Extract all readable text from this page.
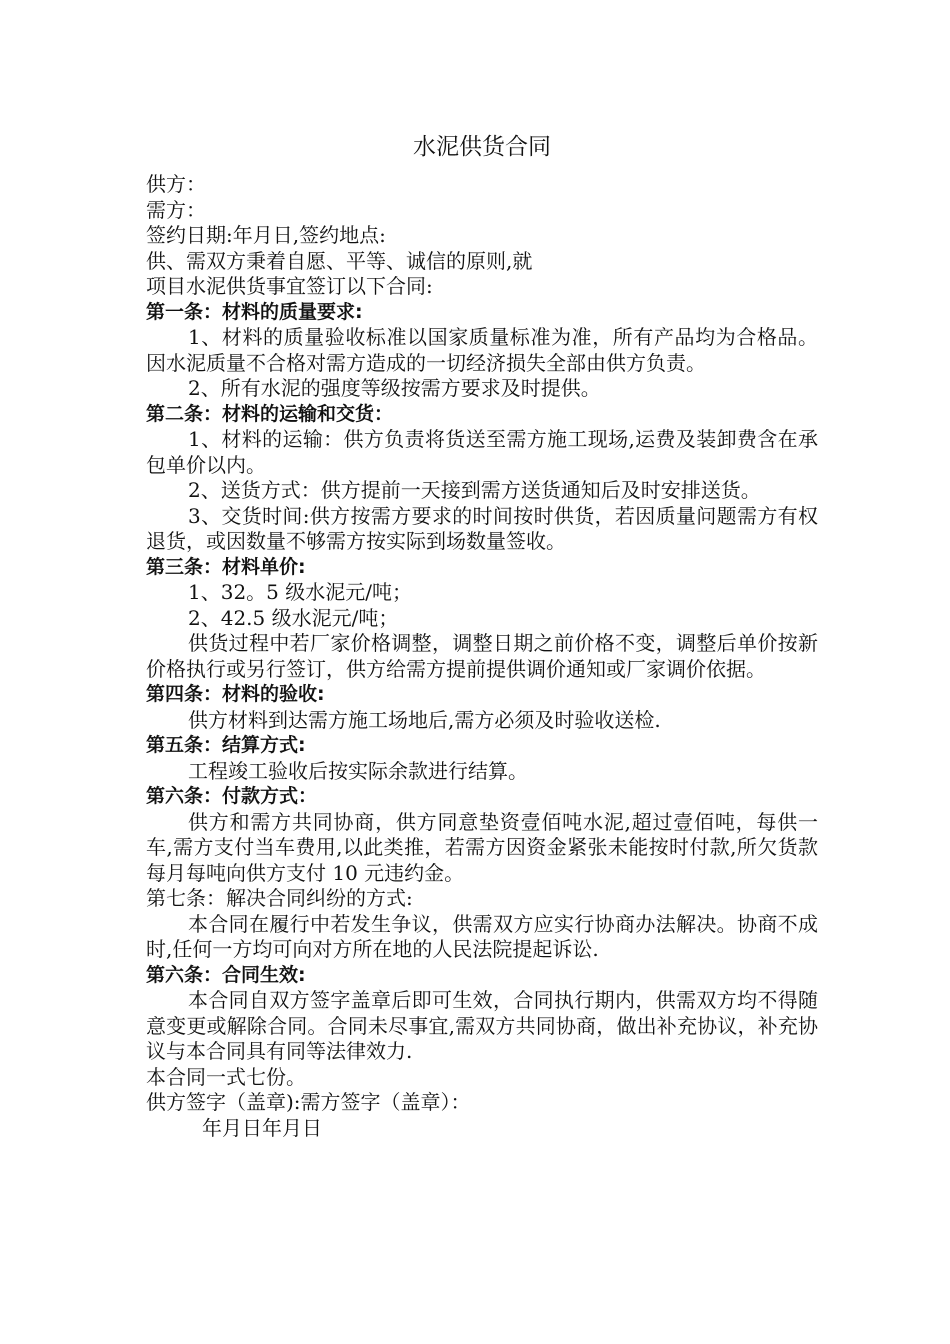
水泥供货合同

供方：

需方：

签约日期:年月日,签约地点:

供、需双方秉着自愿、平等、诚信的原则,就

项目水泥供货事宜签订以下合同:

第一条：材料的质量要求:

1、材料的质量验收标准以国家质量标准为准，所有产品均为合格品。因水泥质量不合格对需方造成的一切经济损失全部由供方负责。

2、所有水泥的强度等级按需方要求及时提供。

第二条：材料的运输和交货：

1、材料的运输：供方负责将货送至需方施工现场,运费及装卸费含在承包单价以内。

2、送货方式：供方提前一天接到需方送货通知后及时安排送货。

3、交货时间:供方按需方要求的时间按时供货，若因质量问题需方有权退货，或因数量不够需方按实际到场数量签收。

第三条：材料单价:

1、32。5 级水泥元/吨；

2、42.5 级水泥元/吨；

供货过程中若厂家价格调整，调整日期之前价格不变，调整后单价按新价格执行或另行签订，供方给需方提前提供调价通知或厂家调价依据。

第四条：材料的验收:

供方材料到达需方施工场地后,需方必须及时验收送检.

第五条：结算方式:

工程竣工验收后按实际余款进行结算。

第六条：付款方式：

供方和需方共同协商，供方同意垫资壹佰吨水泥,超过壹佰吨，每供一车,需方支付当车费用,以此类推，若需方因资金紧张未能按时付款,所欠货款每月每吨向供方支付 10 元违约金。

第七条：解决合同纠纷的方式:

本合同在履行中若发生争议，供需双方应实行协商办法解决。协商不成时,任何一方均可向对方所在地的人民法院提起诉讼.

第六条：合同生效:

本合同自双方签字盖章后即可生效，合同执行期内，供需双方均不得随意变更或解除合同。合同未尽事宜,需双方共同协商，做出补充协议，补充协议与本合同具有同等法律效力.

本合同一式七份。

供方签字（盖章):需方签字（盖章）：

年月日年月日
